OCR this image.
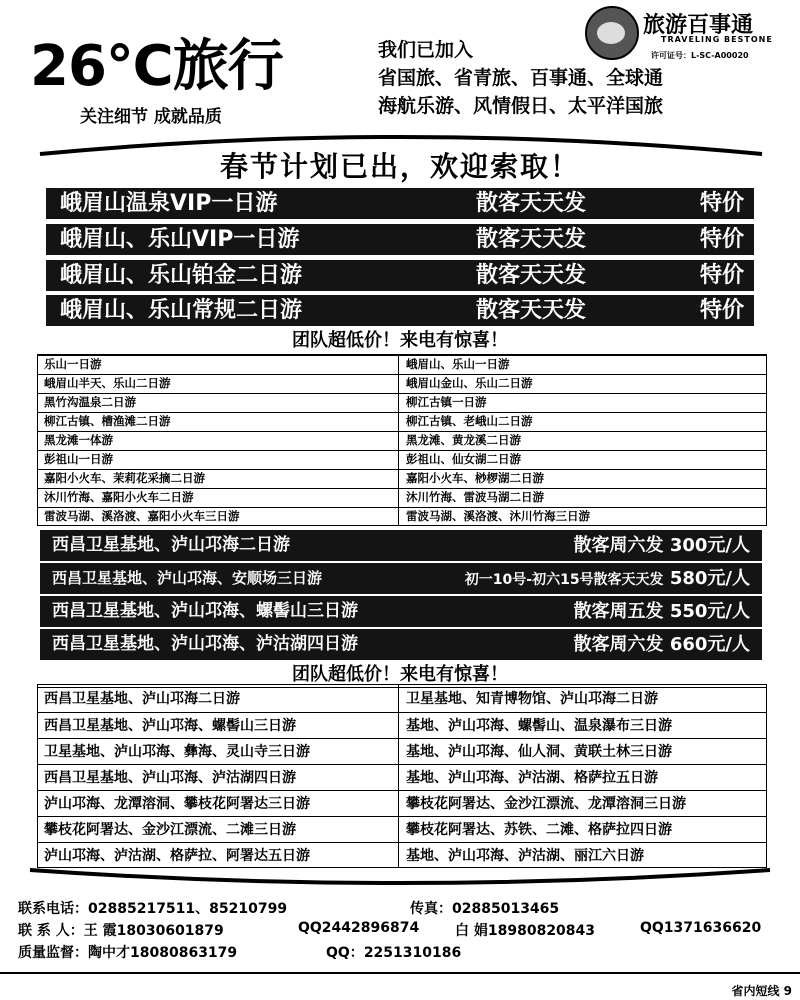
26℃旅行
关注细节 成就品质
我们已加入
省国旅、省青旅、百事通、全球通
海航乐游、风情假日、太平洋国旅
旅游百事通
TRAVELING BESTONE
许可证号：L-SC-A00020
春节计划已出，欢迎索取！
峨眉山温泉VIP一日游	散客天天发	特价
峨眉山、乐山VIP一日游	散客天天发	特价
峨眉山、乐山铂金二日游	散客天天发	特价
峨眉山、乐山常规二日游	散客天天发	特价
团队超低价！来电有惊喜！
乐山一日游	峨眉山、乐山一日游
峨眉山半天、乐山二日游	峨眉山金山、乐山二日游
黑竹沟温泉二日游	柳江古镇一日游
柳江古镇、槽渔滩二日游	柳江古镇、老峨山二日游
黑龙滩一体游	黑龙滩、黄龙溪二日游
彭祖山一日游	彭祖山、仙女湖二日游
嘉阳小火车、茉莉花采摘二日游	嘉阳小火车、桫椤湖二日游
沐川竹海、嘉阳小火车二日游	沐川竹海、雷波马湖二日游
雷波马湖、溪洛渡、嘉阳小火车三日游	雷波马湖、溪洛渡、沐川竹海三日游
西昌卫星基地、泸山邛海二日游	散客周六发 300元/人
西昌卫星基地、泸山邛海、安顺场三日游	初一10号-初六15号散客天天发 580元/人
西昌卫星基地、泸山邛海、螺髻山三日游	散客周五发 550元/人
西昌卫星基地、泸山邛海、泸沽湖四日游	散客周六发 660元/人
团队超低价！来电有惊喜！
西昌卫星基地、泸山邛海二日游	卫星基地、知青博物馆、泸山邛海二日游
西昌卫星基地、泸山邛海、螺髻山三日游	基地、泸山邛海、螺髻山、温泉瀑布三日游
卫星基地、泸山邛海、彝海、灵山寺三日游	基地、泸山邛海、仙人洞、黄联土林三日游
西昌卫星基地、泸山邛海、泸沽湖四日游	基地、泸山邛海、泸沽湖、格萨拉五日游
泸山邛海、龙潭溶洞、攀枝花阿署达三日游	攀枝花阿署达、金沙江漂流、龙潭溶洞三日游
攀枝花阿署达、金沙江漂流、二滩三日游	攀枝花阿署达、苏铁、二滩、格萨拉四日游
泸山邛海、泸沽湖、格萨拉、阿署达五日游	基地、泸山邛海、泸沽湖、丽江六日游
联系电话：02885217511、85210799	传真：02885013465
联 系 人：王 霞18030601879	QQ2442896874	白 娟18980820843	QQ1371636620
质量监督：陶中才18080863179	QQ：2251310186
省内短线 9
